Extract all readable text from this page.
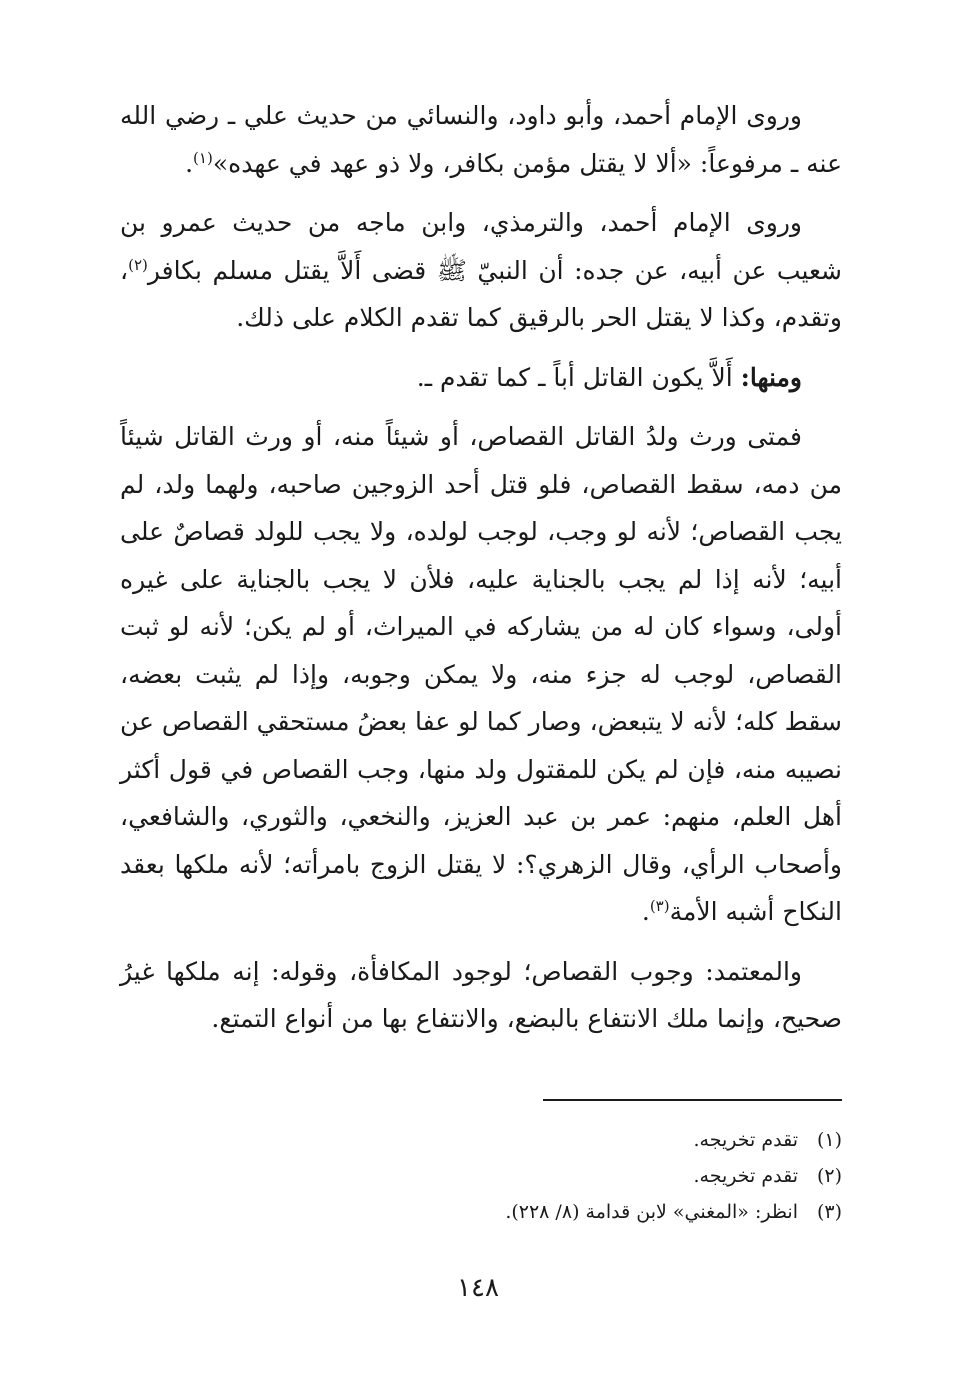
وروى الإمام أحمد، وأبو داود، والنسائي من حديث علي ـ رضي الله عنه ـ مرفوعاً: «ألا لا يقتل مؤمن بكافر، ولا ذو عهد في عهده»$^{(١)}$.

وروى الإمام أحمد، والترمذي، وابن ماجه من حديث عمرو بن شعيب عن أبيه، عن جده: أن النبيّ ﷺ قضى أَلاَّ يقتل مسلم بكافر$^{(٢)}$، وتقدم، وكذا لا يقتل الحر بالرقيق كما تقدم الكلام على ذلك.

ومنها: أَلاَّ يكون القاتل أباً ـ كما تقدم ـ.

فمتى ورث ولدُ القاتل القصاص، أو شيئاً منه، أو ورث القاتل شيئاً من دمه، سقط القصاص، فلو قتل أحد الزوجين صاحبه، ولهما ولد، لم يجب القصاص؛ لأنه لو وجب، لوجب لولده، ولا يجب للولد قصاصٌ على أبيه؛ لأنه إذا لم يجب بالجناية عليه، فلأن لا يجب بالجناية على غيره أولى، وسواء كان له من يشاركه في الميراث، أو لم يكن؛ لأنه لو ثبت القصاص، لوجب له جزء منه، ولا يمكن وجوبه، وإذا لم يثبت بعضه، سقط كله؛ لأنه لا يتبعض، وصار كما لو عفا بعضُ مستحقي القصاص عن نصيبه منه، فإن لم يكن للمقتول ولد منها، وجب القصاص في قول أكثر أهل العلم، منهم: عمر بن عبد العزيز، والنخعي، والثوري، والشافعي، وأصحاب الرأي، وقال الزهري؟: لا يقتل الزوج بامرأته؛ لأنه ملكها بعقد النكاح أشبه الأمة$^{(٣)}$.

والمعتمد: وجوب القصاص؛ لوجود المكافأة، وقوله: إنه ملكها غيرُ صحيح، وإنما ملك الانتفاع بالبضع، والانتفاع بها من أنواع التمتع.

(١)تقدم تخريجه.
(٢)تقدم تخريجه.
(٣)انظر: «المغني» لابن قدامة (٨/ ٢٢٨).
١٤٨
